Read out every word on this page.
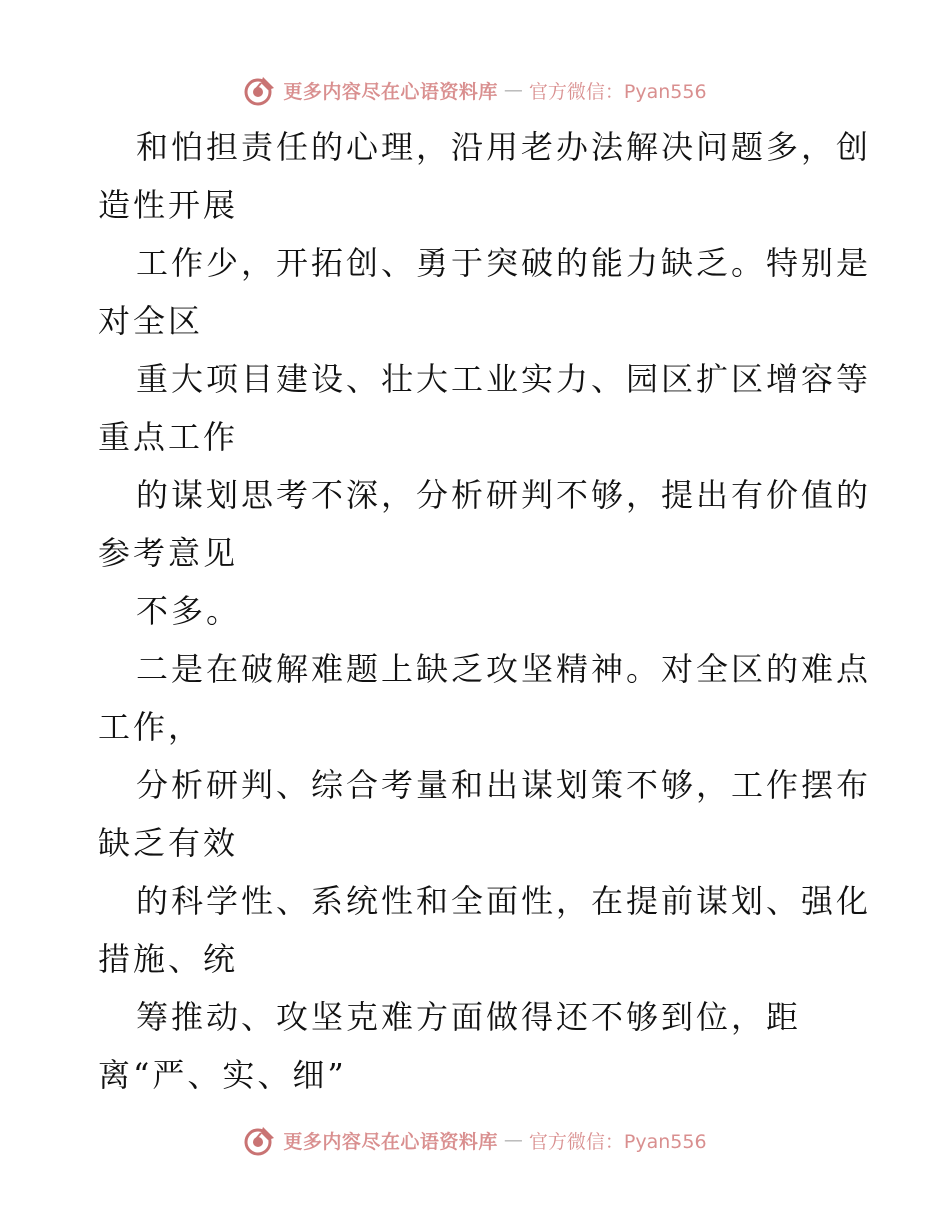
更多内容尽在心语资料库 — 官方微信：Pyan556
和怕担责任的心理，沿用老办法解决问题多，创
造性开展
工作少，开拓创、勇于突破的能力缺乏。特别是
对全区
重大项目建设、壮大工业实力、园区扩区增容等
重点工作
的谋划思考不深，分析研判不够，提出有价值的
参考意见
不多。
二是在破解难题上缺乏攻坚精神。对全区的难点
工作，
分析研判、综合考量和出谋划策不够，工作摆布
缺乏有效
的科学性、系统性和全面性，在提前谋划、强化
措施、统
筹推动、攻坚克难方面做得还不够到位，距
离“严、实、细”
更多内容尽在心语资料库 — 官方微信：Pyan556
